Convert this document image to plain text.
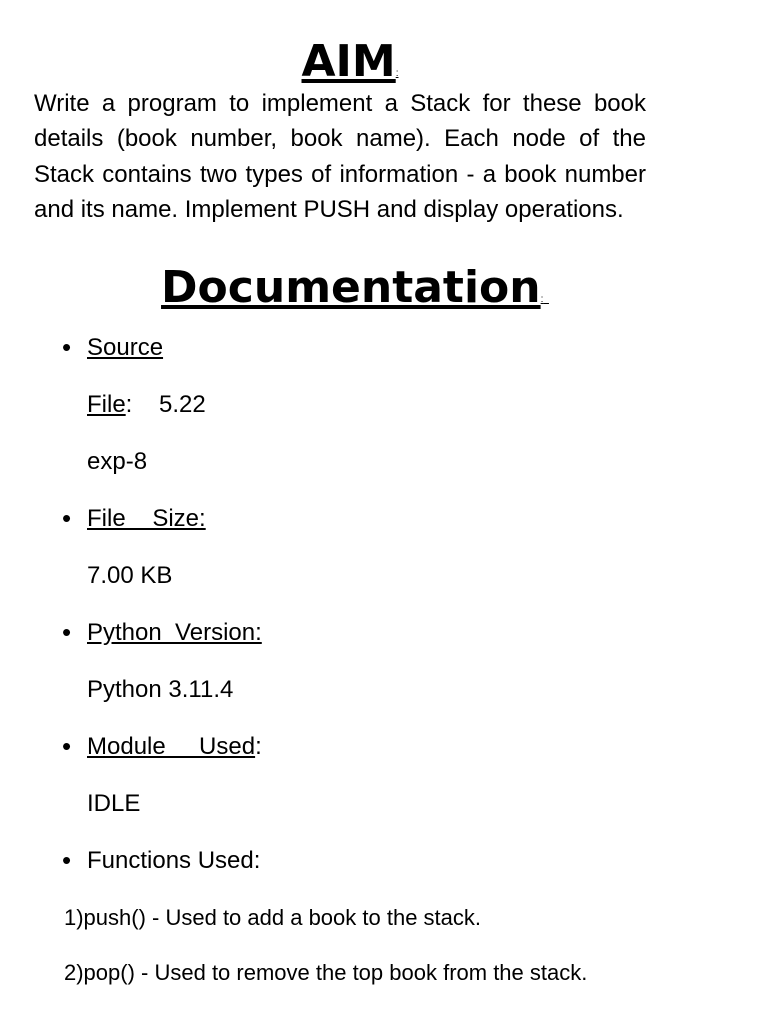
AIM:
Write a program to implement a Stack for these book details (book number, book name). Each node of the Stack contains two types of information - a book number and its name. Implement PUSH and display operations.
Documentation:
• Source
File: 5.22
exp-8
• File    Size:
7.00 KB
• Python  Version:
Python 3.11.4
• Module     Used:
IDLE
• Functions Used:
1)push() - Used to add a book to the stack.
2)pop() - Used to remove the top book from the stack.
